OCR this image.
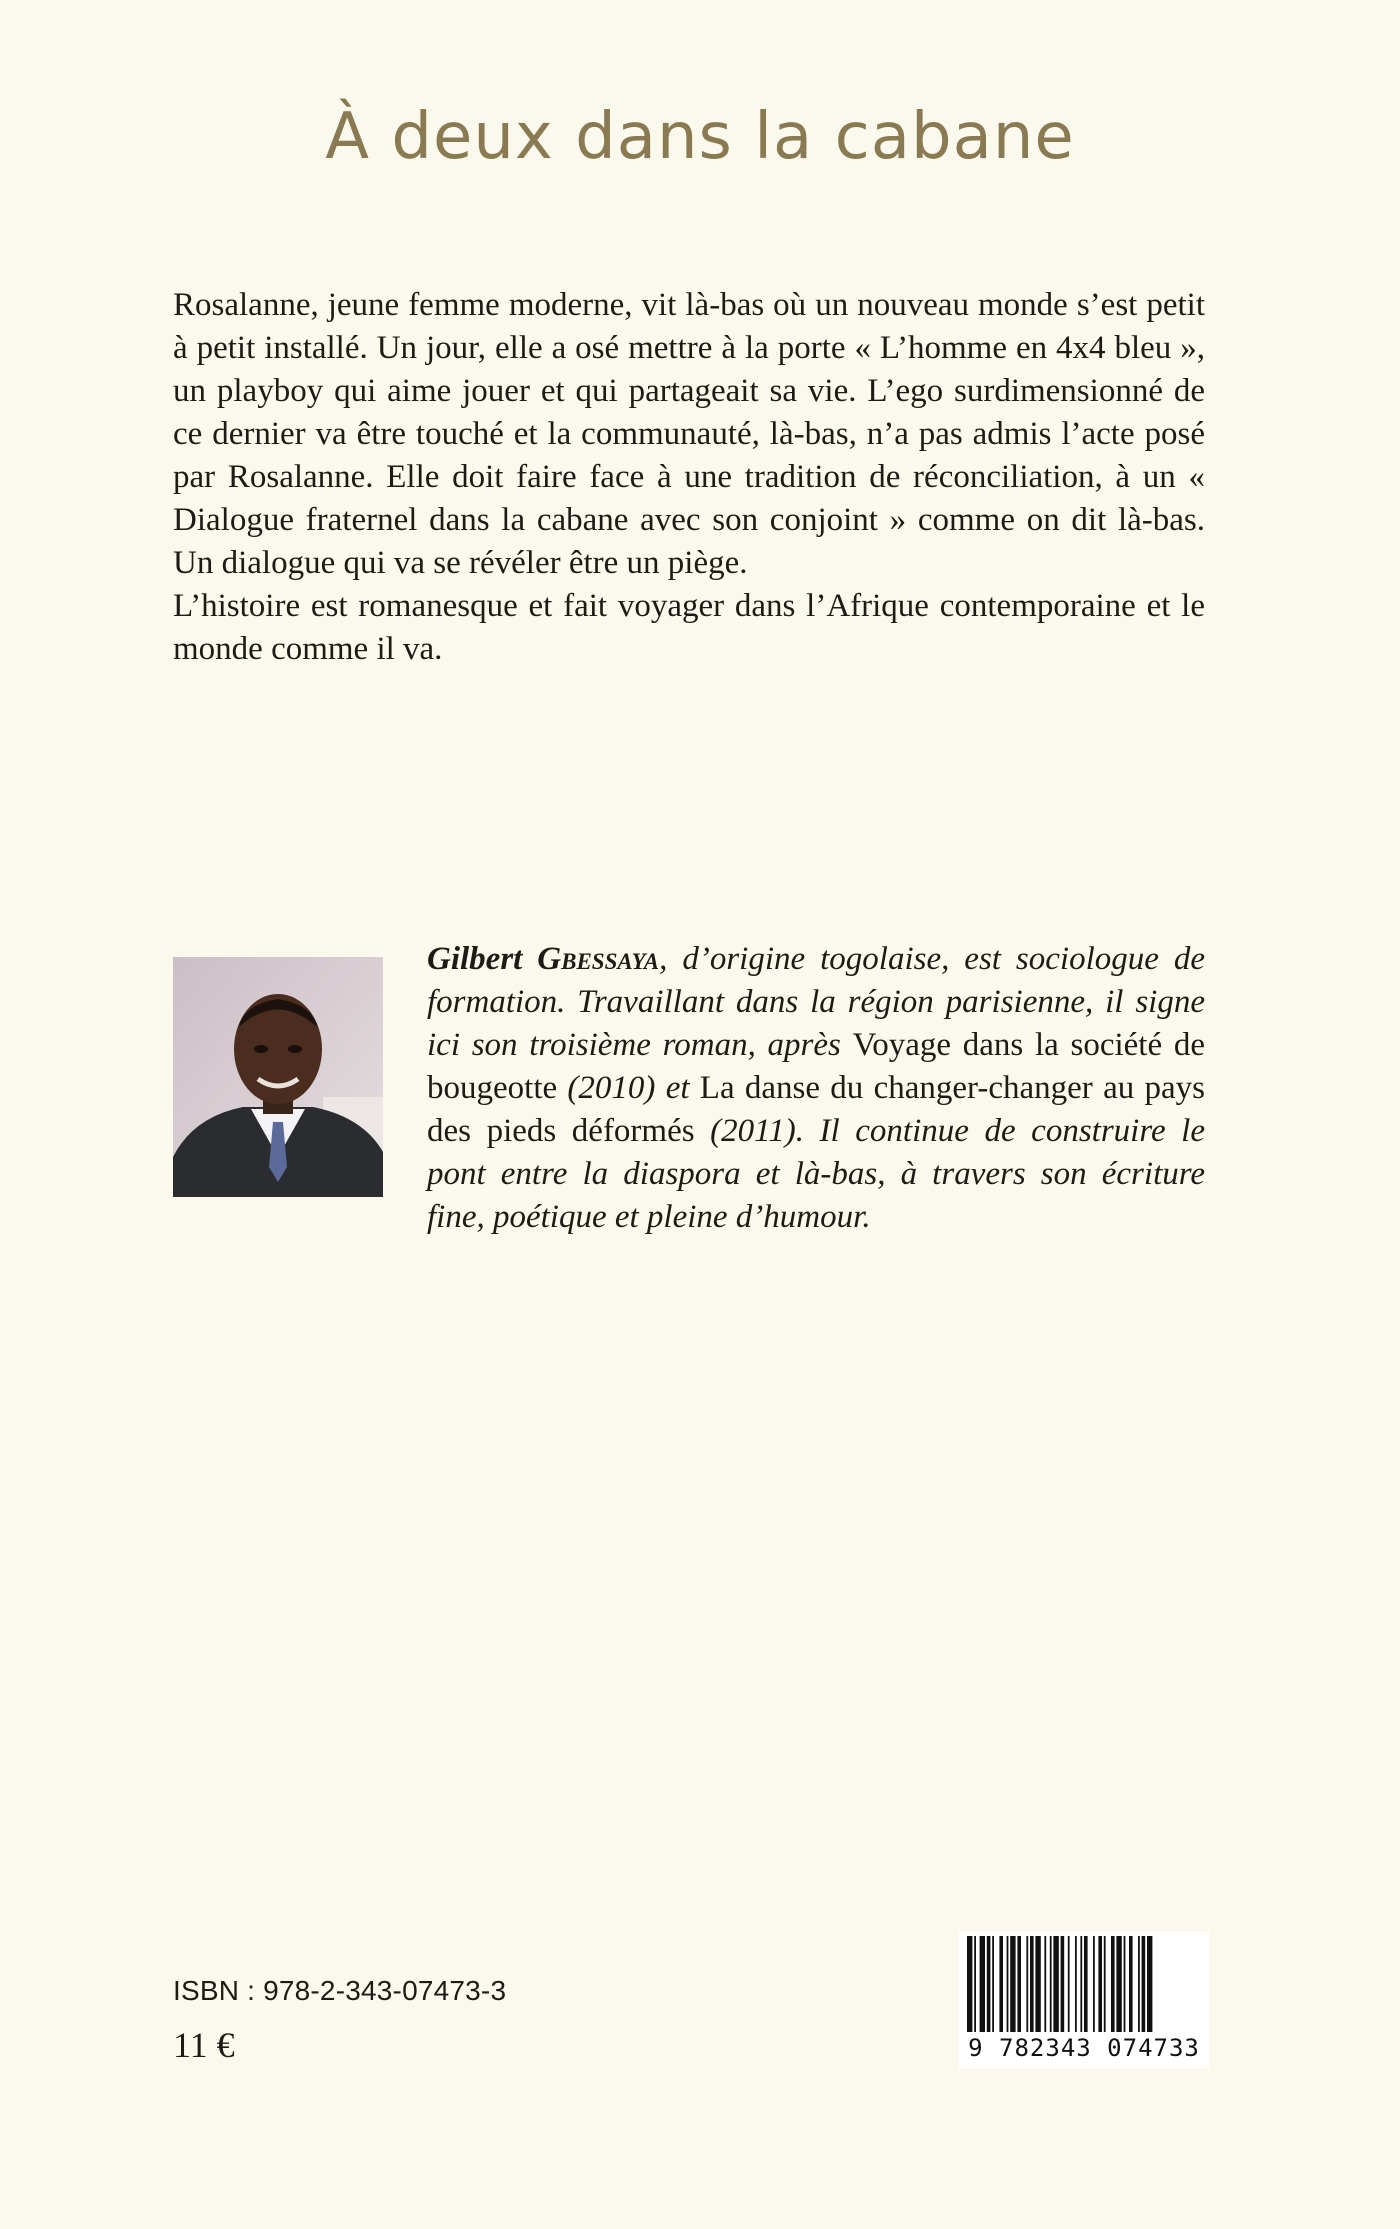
À deux dans la cabane

Rosalanne, jeune femme moderne, vit là-bas où un nouveau monde s’est petit à petit installé. Un jour, elle a osé mettre à la porte « L’homme en 4x4 bleu », un playboy qui aime jouer et qui partageait sa vie. L’ego surdimensionné de ce dernier va être touché et la communauté, là-bas, n’a pas admis l’acte posé par Rosalanne. Elle doit faire face à une tradition de réconciliation, à un « Dialogue fraternel dans la cabane avec son conjoint » comme on dit là-bas. Un dialogue qui va se révéler être un piège.

L’histoire est romanesque et fait voyager dans l’Afrique contemporaine et le monde comme il va.

Gilbert Gbessaya, d’origine togolaise, est sociologue de formation. Travaillant dans la région parisienne, il signe ici son troisième roman, après Voyage dans la société de bougeotte (2010) et La danse du changer-changer au pays des pieds déformés (2011). Il continue de construire le pont entre la diaspora et là-bas, à travers son écriture fine, poétique et pleine d’humour.

ISBN : 978-2-343-07473-3
11 €	9 782343 074733
